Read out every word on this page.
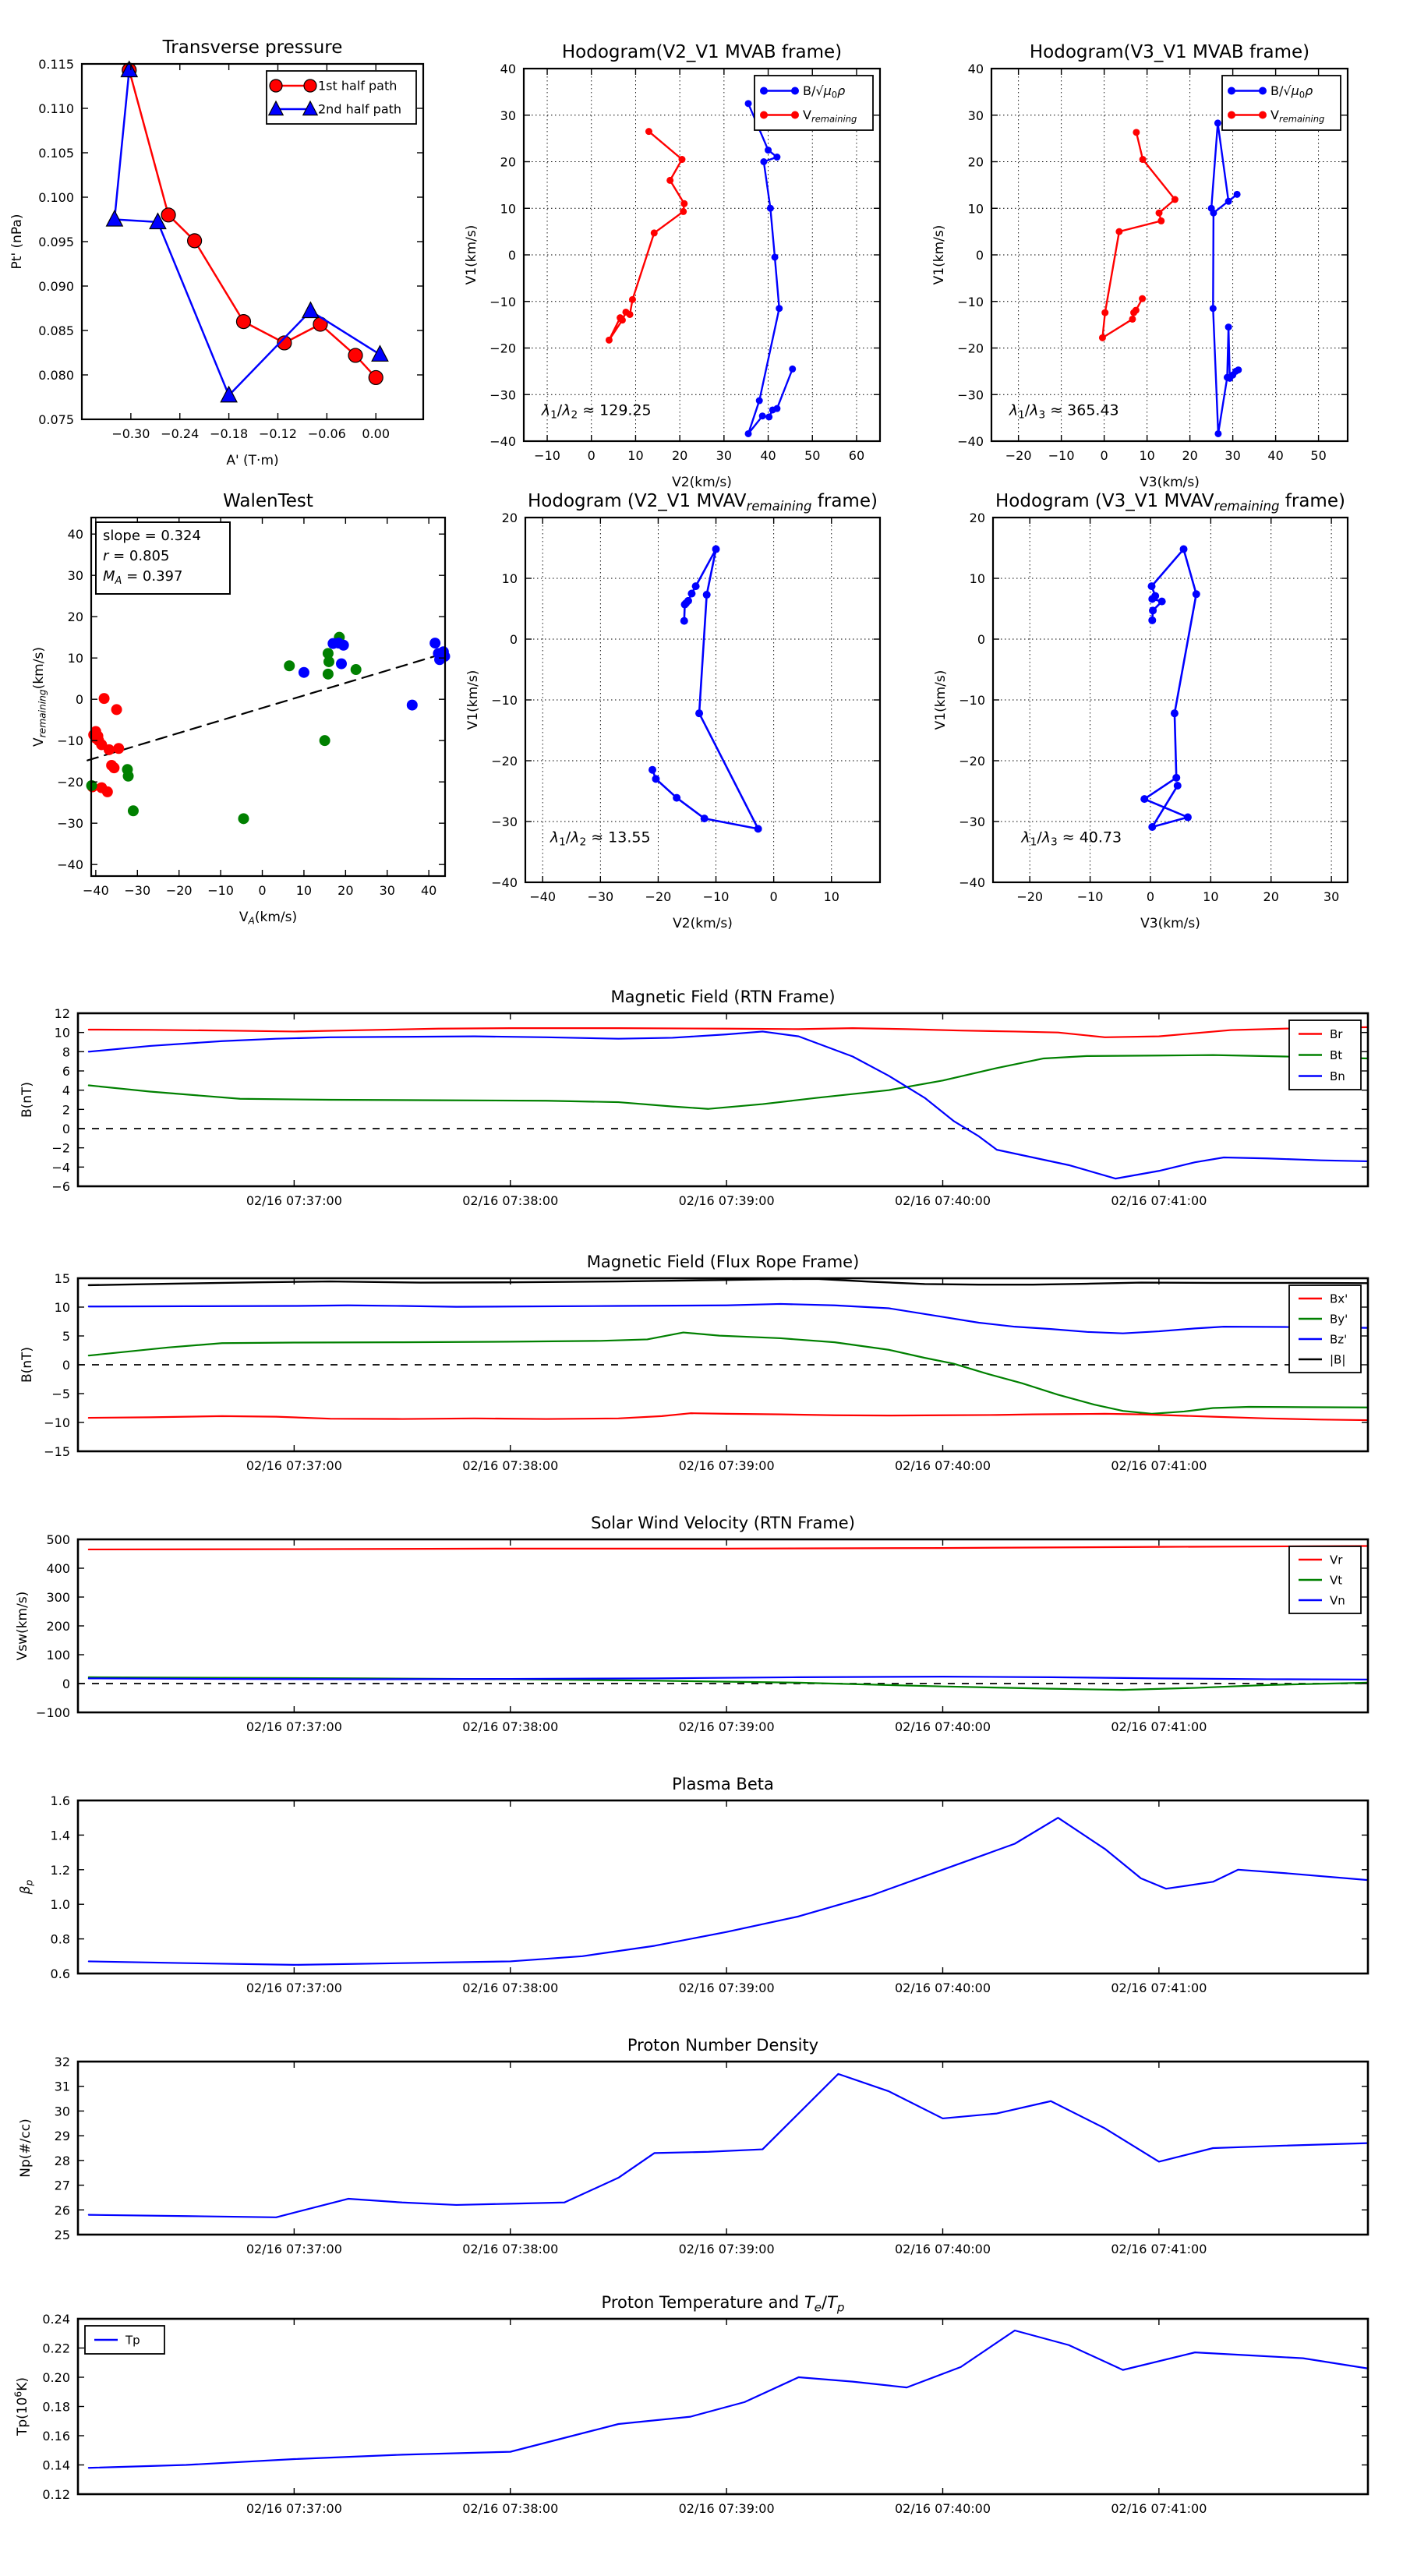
−0.30 −0.24 −0.18 −0.12 −0.06 0.00
0.075
0.080
0.085
0.090
0.095
0.100
0.105
0.110
0.115
A' (T·m)
Pt' (nPa)
Transverse pressure
1st half path
2nd half path
−10 0	10 20 30 40 50 60
−40
−30
−20
−10
0
10
20
30
40
V2(km/s)
V1(km/s)
Hodogram(V2_V1 MVAB frame)
$\lambda_1/\lambda_2 \approx 129.25$
$B/√\mu_0\rho$
$V_{remaining}$
−20 −10 0 10 20 30 40 50
−40
−30
−20
−10
0
10
20
30
40
V3(km/s)
V1(km/s)
Hodogram(V3_V1 MVAB frame)
$\lambda_1/\lambda_3 \approx 365.43$
$B/√\mu_0\rho$
$V_{remaining}$
−40 −30 −20 −10 0 10 20 30 40
−40
−30
−20
−10
0
10
20
30
40
$V_A(km/s)$
$V_{remaining}(km/s)$
WalenTest
slope = 0.324
r = 0.805
$M_A = 0.397$
−40	−30	−20	−10	0	10
−40
−30
−20
−10
0
10
20
V2(km/s)
V1(km/s)
Hodogram (V2_V1 $MVAV_{remaining}$ frame)
$\lambda_1/\lambda_2 \approx 13.55$
−20	−10	0	10	20	30
−40
−30
−20
−10
0
10
20
V3(km/s)
V1(km/s)
Hodogram (V3_V1 $MVAV_{remaining}$ frame)
$\lambda_1/\lambda_3 \approx 40.73$
02/16 07:37:00	02/16 07:38:00	02/16 07:39:00	02/16 07:40:00	02/16 07:41:00
−6
−4
−2
0
2
4
6
8
10
12
B(nT)
Magnetic Field (RTN Frame)
Br
Bt
Bn
02/16 07:37:00	02/16 07:38:00	02/16 07:39:00	02/16 07:40:00	02/16 07:41:00
−15
−10
−5
0
5
10
15
B(nT)
Magnetic Field (Flux Rope Frame)
Bx'
By'
Bz'
|B|
02/16 07:37:00	02/16 07:38:00	02/16 07:39:00	02/16 07:40:00	02/16 07:41:00
−100
0
100
200
300
400
500
Vsw(km/s)
Solar Wind Velocity (RTN Frame)
Vr
Vt
Vn
02/16 07:37:00	02/16 07:38:00	02/16 07:39:00	02/16 07:40:00	02/16 07:41:00
0.6
0.8
1.0
1.2
1.4
1.6
$\beta_p$
Plasma Beta
02/16 07:37:00	02/16 07:38:00	02/16 07:39:00	02/16 07:40:00	02/16 07:41:00
25
26
27
28
29
30
31
32
Np(#/cc)
Proton Number Density
02/16 07:37:00	02/16 07:38:00	02/16 07:39:00	02/16 07:40:00	02/16 07:41:00
0.12
0.14
0.16
0.18
0.20
0.22
0.24
$Tp(10^6K)$
Proton Temperature and $T_e/T_p$
Tp
